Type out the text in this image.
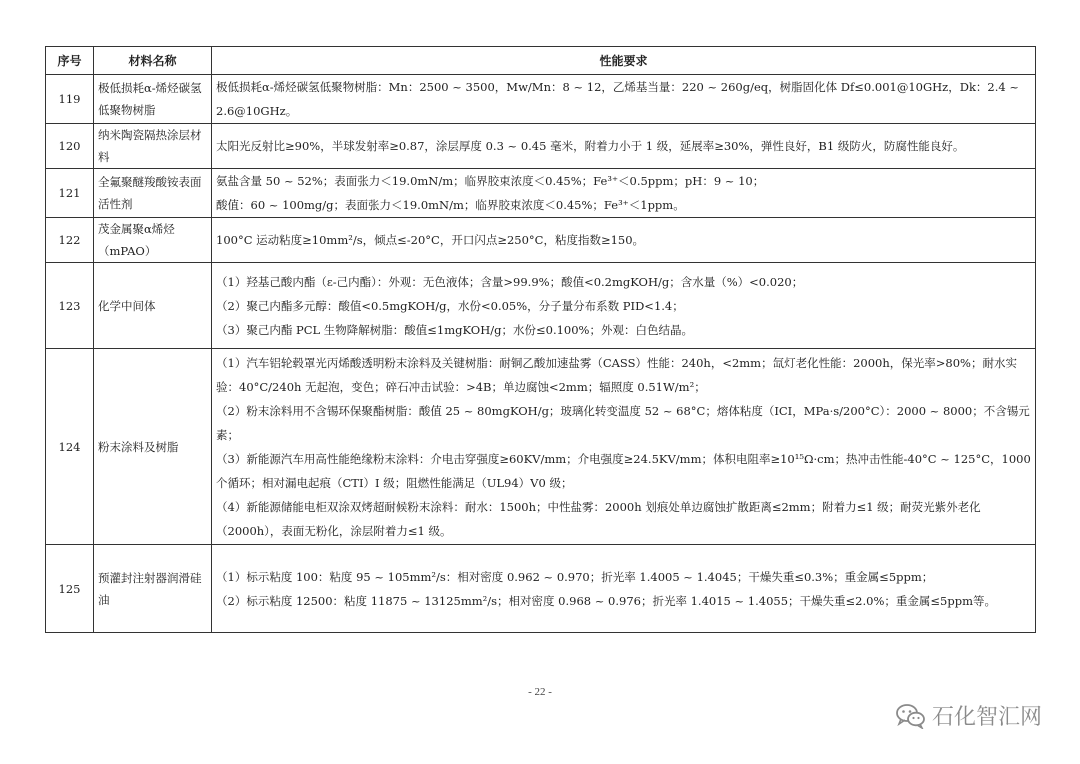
序号	材料名称	性能要求
119	极低损耗α-烯烃碳氢低聚物树脂	极低损耗α-烯烃碳氢低聚物树脂：Mn：2500 ~ 3500，Mw/Mn：8 ~ 12，乙烯基当量：220 ~ 260g/eq，树脂固化体 Df≤0.001@10GHz，Dk：2.4 ~ 2.6@10GHz。

120	纳米陶瓷隔热涂层材料	太阳光反射比≥90%，半球发射率≥0.87，涂层厚度 0.3 ~ 0.45 毫米，附着力小于 1 级，延展率≥30%，弹性良好，B1 级防火，防腐性能良好。

121	全氟聚醚羧酸铵表面活性剂	氨盐含量 50 ~ 52%；表面张力＜19.0mN/m；临界胶束浓度＜0.45%；Fe³⁺＜0.5ppm；pH：9 ~ 10；
酸值：60 ~ 100mg/g；表面张力＜19.0mN/m；临界胶束浓度＜0.45%；Fe³⁺＜1ppm。

122	茂金属聚α烯烃（mPAO）	100°C 运动粘度≥10mm²/s，倾点≤-20°C，开口闪点≥250°C，粘度指数≥150。

123	化学中间体	（1）羟基己酸内酯（ε-己内酯）：外观：无色液体；含量>99.9%；酸值<0.2mgKOH/g；含水量（%）<0.020；
（2）聚己内酯多元醇：酸值<0.5mgKOH/g，水份<0.05%，分子量分布系数 PID<1.4；
（3）聚己内酯 PCL 生物降解树脂：酸值≤1mgKOH/g；水份≤0.100%；外观：白色结晶。

124	粉末涂料及树脂	（1）汽车铝轮毂罩光丙烯酸透明粉末涂料及关键树脂：耐铜乙酸加速盐雾（CASS）性能：240h，<2mm；氙灯老化性能：2000h，保光率>80%；耐水实验：40°C/240h 无起泡，变色；碎石冲击试验：>4B；单边腐蚀<2mm；辐照度 0.51W/m²；
（2）粉末涂料用不含锡环保聚酯树脂：酸值 25 ~ 80mgKOH/g；玻璃化转变温度 52 ~ 68°C；熔体粘度（ICI，MPa·s/200°C）：2000 ~ 8000；不含锡元素；
（3）新能源汽车用高性能绝缘粉末涂料：介电击穿强度≥60KV/mm；介电强度≥24.5KV/mm；体积电阻率≥10¹⁵Ω·cm；热冲击性能-40°C ~ 125°C，1000 个循环；相对漏电起痕（CTI）I 级；阻燃性能满足（UL94）V0 级；
（4）新能源储能电柜双涂双烤超耐候粉末涂料：耐水：1500h；中性盐雾：2000h 划痕处单边腐蚀扩散距离≤2mm；附着力≤1 级；耐荧光紫外老化（2000h），表面无粉化，涂层附着力≤1 级。

125	预灌封注射器润滑硅油	（1）标示粘度 100：粘度 95 ~ 105mm²/s：相对密度 0.962 ~ 0.970；折光率 1.4005 ~ 1.4045；干燥失重≤0.3%；重金属≤5ppm；
（2）标示粘度 12500：粘度 11875 ~ 13125mm²/s；相对密度 0.968 ~ 0.976；折光率 1.4015 ~ 1.4055；干燥失重≤2.0%；重金属≤5ppm等。
- 22 -
石化智汇网
